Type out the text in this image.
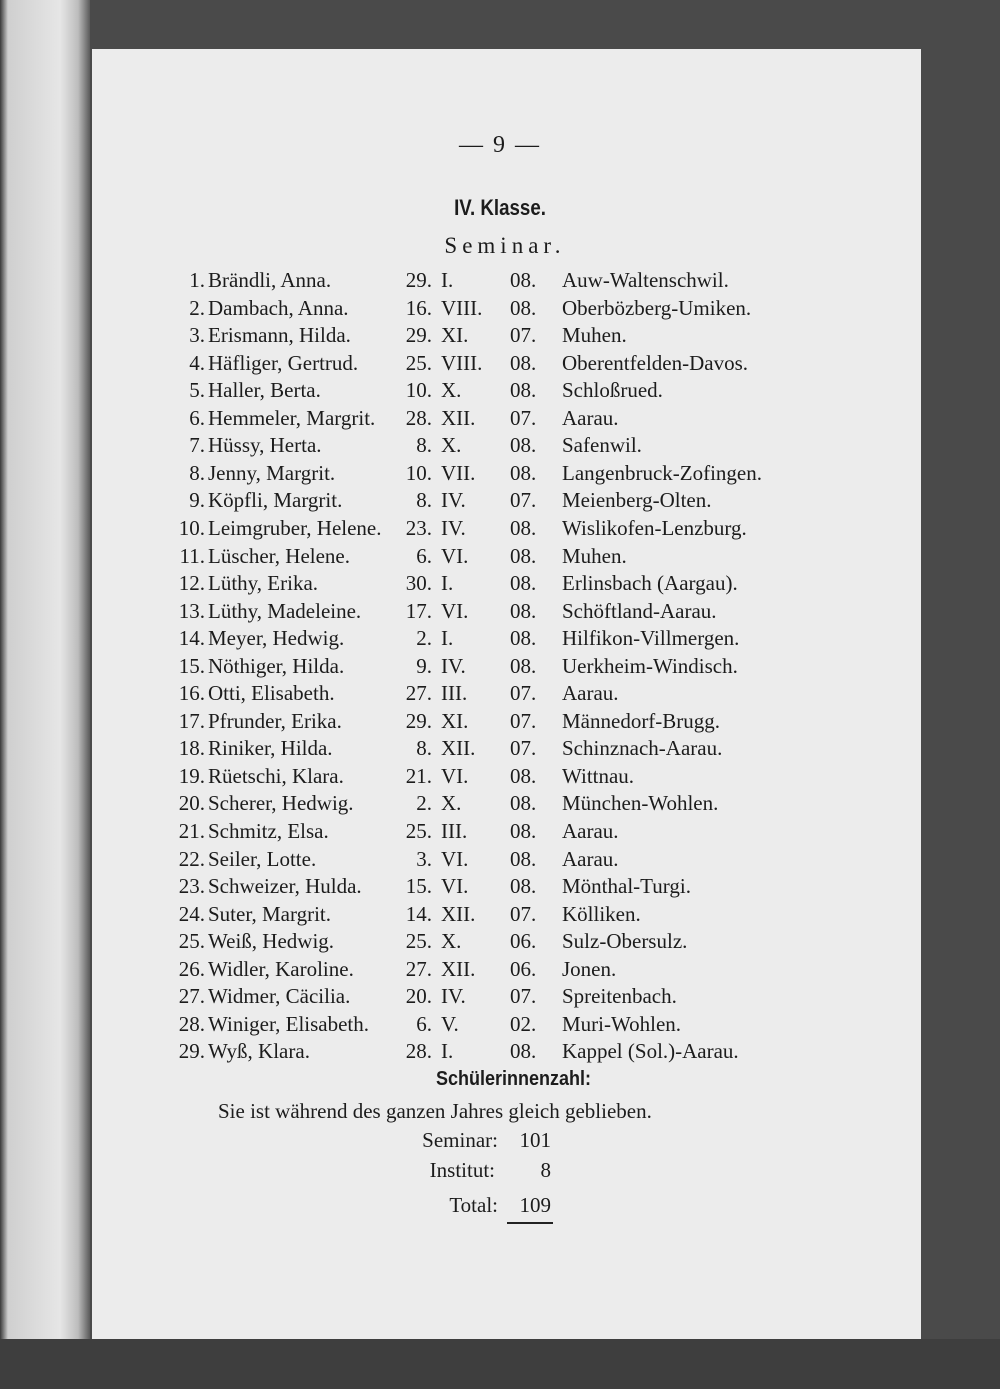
— 9 —
IV. Klasse.
Seminar.
1. Brändli, Anna.	29. I.	08. Auw-Waltenschwil.
2. Dambach, Anna.	16. VIII. 08. Oberbözberg-Umiken.
3. Erismann, Hilda.	29. XI. 07. Muhen.
4. Häfliger, Gertrud. 25. VIII. 08. Oberentfelden-Davos.
5. Haller, Berta.	10. X. 08. Schloßrued.
6. Hemmeler, Margrit. 28. XII. 07. Aarau.
7. Hüssy, Herta.	8. X. 08. Safenwil.
8. Jenny, Margrit.	10. VII. 08. Langenbruck-Zofingen.
9. Köpfli, Margrit.	8. IV. 07. Meienberg-Olten.
10. Leimgruber, Helene. 23. IV. 08. Wislikofen-Lenzburg.
11. Lüscher, Helene.	6. VI. 08. Muhen.
12. Lüthy, Erika.	30. I.	08. Erlinsbach (Aargau).
13. Lüthy, Madeleine. 17. VI. 08. Schöftland-Aarau.
14. Meyer, Hedwig.	2. I.	08. Hilfikon-Villmergen.
15. Nöthiger, Hilda.	9. IV. 08. Uerkheim-Windisch.
16. Otti, Elisabeth.	27. III. 07. Aarau.
17. Pfrunder, Erika.	29. XI. 07. Männedorf-Brugg.
18. Riniker, Hilda.	8. XII. 07. Schinznach-Aarau.
19. Rüetschi, Klara.	21. VI. 08. Wittnau.
20. Scherer, Hedwig.	2. X. 08. München-Wohlen.
21. Schmitz, Elsa.	25. III. 08. Aarau.
22. Seiler, Lotte.	3. VI. 08. Aarau.
23. Schweizer, Hulda. 15. VI. 08. Mönthal-Turgi.
24. Suter, Margrit.	14. XII. 07. Kölliken.
25. Weiß, Hedwig.	25. X. 06. Sulz-Obersulz.
26. Widler, Karoline. 27. XII. 06. Jonen.
27. Widmer, Cäcilia.	20. IV. 07. Spreitenbach.
28. Winiger, Elisabeth. 6. V. 02. Muri-Wohlen.
29. Wyß, Klara.	28. I.	08. Kappel (Sol.)-Aarau.
Schülerinnenzahl:
Sie ist während des ganzen Jahres gleich geblieben.
Seminar: 101
Institut: 8
Total: 109
